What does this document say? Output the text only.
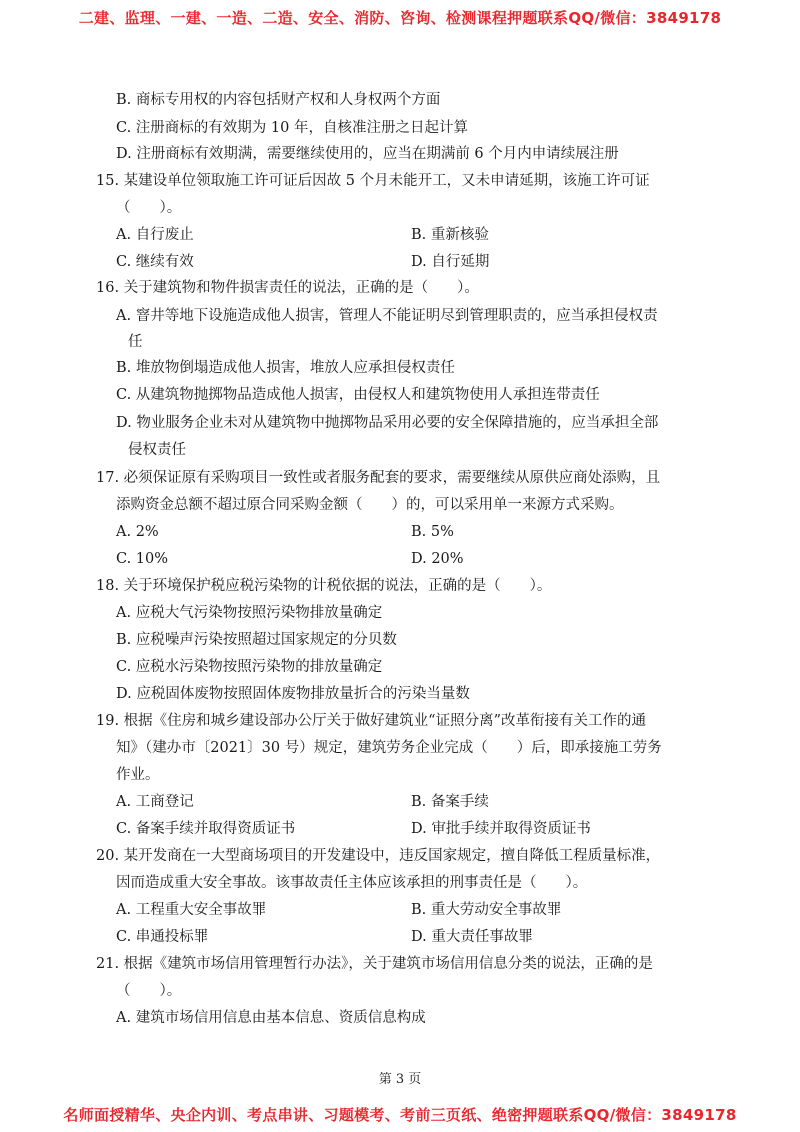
二建、监理、一建、一造、二造、安全、消防、咨询、检测课程押题联系QQ/微信：3849178
B. 商标专用权的内容包括财产权和人身权两个方面
C. 注册商标的有效期为 10 年，自核准注册之日起计算
D. 注册商标有效期满，需要继续使用的，应当在期满前 6 个月内申请续展注册
15. 某建设单位领取施工许可证后因故 5 个月未能开工，又未申请延期，该施工许可证
（　　）。
A. 自行废止	B. 重新核验
C. 继续有效	D. 自行延期
16. 关于建筑物和物件损害责任的说法，正确的是（　　）。
A. 窨井等地下设施造成他人损害，管理人不能证明尽到管理职责的，应当承担侵权责
任
B. 堆放物倒塌造成他人损害，堆放人应承担侵权责任
C. 从建筑物抛掷物品造成他人损害，由侵权人和建筑物使用人承担连带责任
D. 物业服务企业未对从建筑物中抛掷物品采用必要的安全保障措施的，应当承担全部
侵权责任
17. 必须保证原有采购项目一致性或者服务配套的要求，需要继续从原供应商处添购，且
添购资金总额不超过原合同采购金额（　　）的，可以采用单一来源方式采购。
A. 2%	B. 5%
C. 10%	D. 20%
18. 关于环境保护税应税污染物的计税依据的说法，正确的是（　　）。
A. 应税大气污染物按照污染物排放量确定
B. 应税噪声污染按照超过国家规定的分贝数
C. 应税水污染物按照污染物的排放量确定
D. 应税固体废物按照固体废物排放量折合的污染当量数
19. 根据《住房和城乡建设部办公厅关于做好建筑业“证照分离”改革衔接有关工作的通
知》（建办市〔2021〕30 号）规定，建筑劳务企业完成（　　）后，即承接施工劳务
作业。
A. 工商登记	B. 备案手续
C. 备案手续并取得资质证书	D. 审批手续并取得资质证书
20. 某开发商在一大型商场项目的开发建设中，违反国家规定，擅自降低工程质量标准，
因而造成重大安全事故。该事故责任主体应该承担的刑事责任是（　　）。
A. 工程重大安全事故罪	B. 重大劳动安全事故罪
C. 串通投标罪	D. 重大责任事故罪
21. 根据《建筑市场信用管理暂行办法》，关于建筑市场信用信息分类的说法，正确的是
（　　）。
A. 建筑市场信用信息由基本信息、资质信息构成
第 3 页
名师面授精华、央企内训、考点串讲、习题模考、考前三页纸、绝密押题联系QQ/微信：3849178
